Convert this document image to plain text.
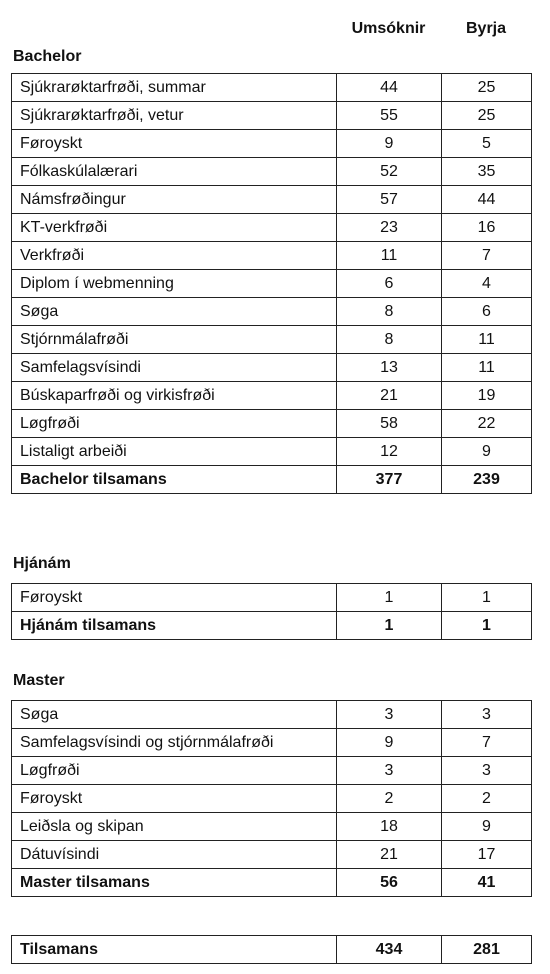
Umsóknir	Byrja
Bachelor
Sjúkrarøktarfrøði, summar	44	25
Sjúkrarøktarfrøði, vetur	55	25
Føroyskt	9	5
Fólkaskúlalærari	52	35
Námsfrøðingur	57	44
KT-verkfrøði	23	16
Verkfrøði	11	7
Diplom í webmenning	6	4
Søga	8	6
Stjórnmálafrøði	8	11
Samfelagsvísindi	13	11
Búskaparfrøði og virkisfrøði	21	19
Løgfrøði	58	22
Listaligt arbeiði	12	9
Bachelor tilsamans	377	239
Hjánám
Føroyskt	1	1
Hjánám tilsamans	1	1
Master
Søga	3	3
Samfelagsvísindi og stjórnmálafrøði	9	7
Løgfrøði	3	3
Føroyskt	2	2
Leiðsla og skipan	18	9
Dátuvísindi	21	17
Master tilsamans	56	41
Tilsamans	434	281
